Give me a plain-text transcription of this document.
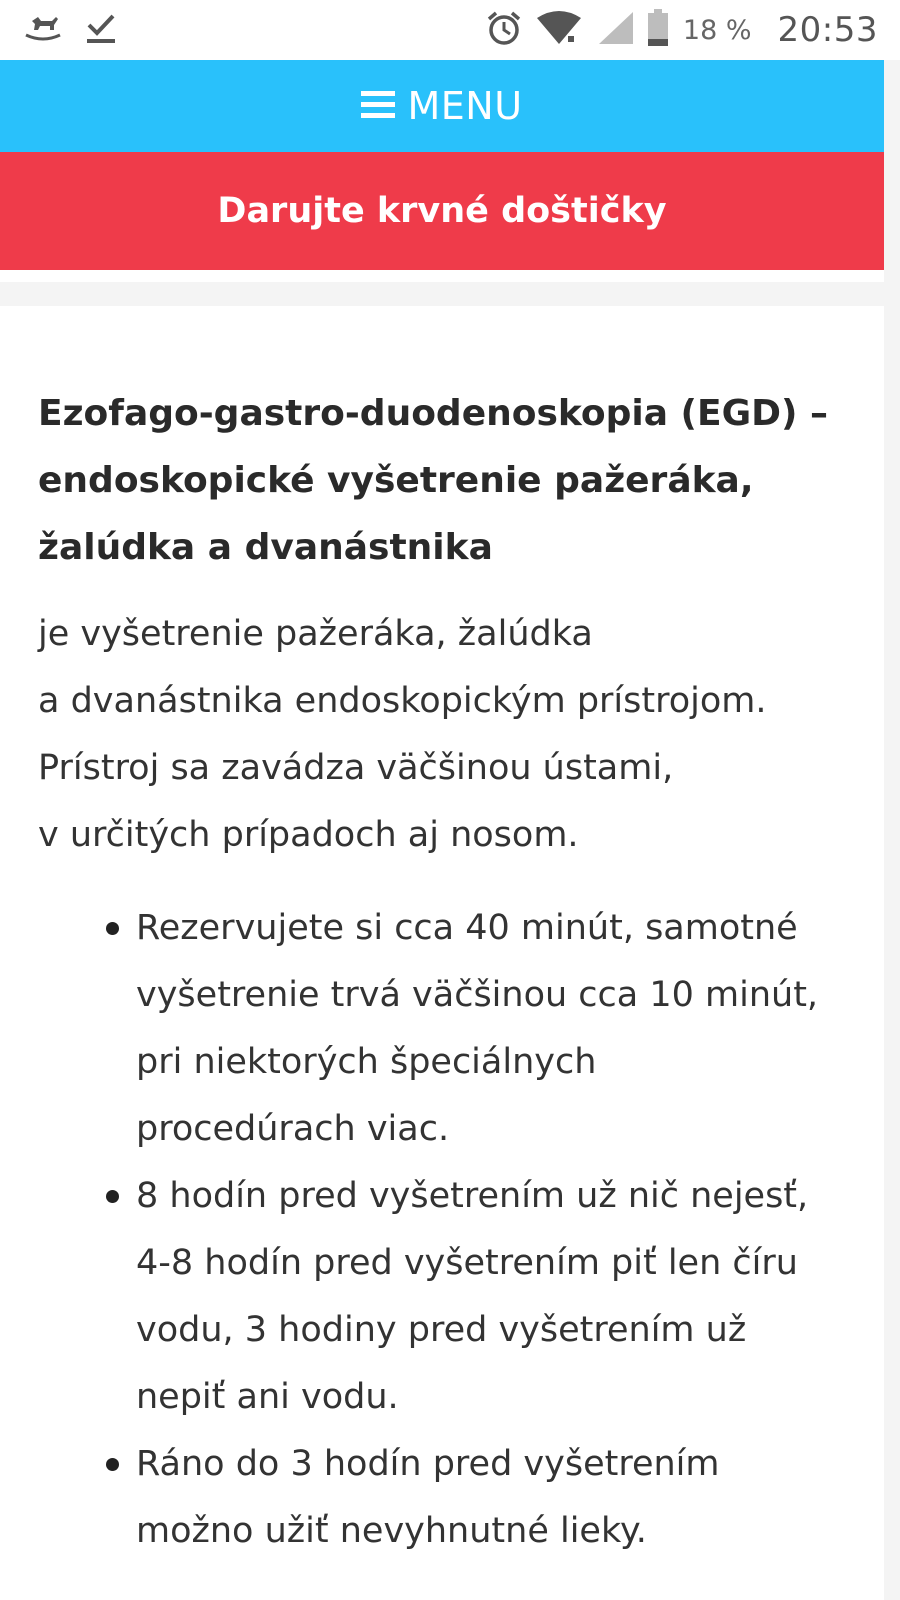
18 % 20:53
MENU
Darujte krvné doštičky
Ezofago-gastro-duodenoskopia (EGD) –
endoskopické vyšetrenie pažeráka,
žalúdka a dvanástnika

je vyšetrenie pažeráka, žalúdka
a dvanástnika endoskopickým prístrojom.
Prístroj sa zavádza väčšinou ústami,
v určitých prípadoch aj nosom.

Rezervujete si cca 40 minút, samotné
vyšetrenie trvá väčšinou cca 10 minút,
pri niektorých špeciálnych
procedúrach viac.
8 hodín pred vyšetrením už nič nejesť,
4-8 hodín pred vyšetrením piť len číru
vodu, 3 hodiny pred vyšetrením už
nepiť ani vodu.
Ráno do 3 hodín pred vyšetrením
možno užiť nevyhnutné lieky.
